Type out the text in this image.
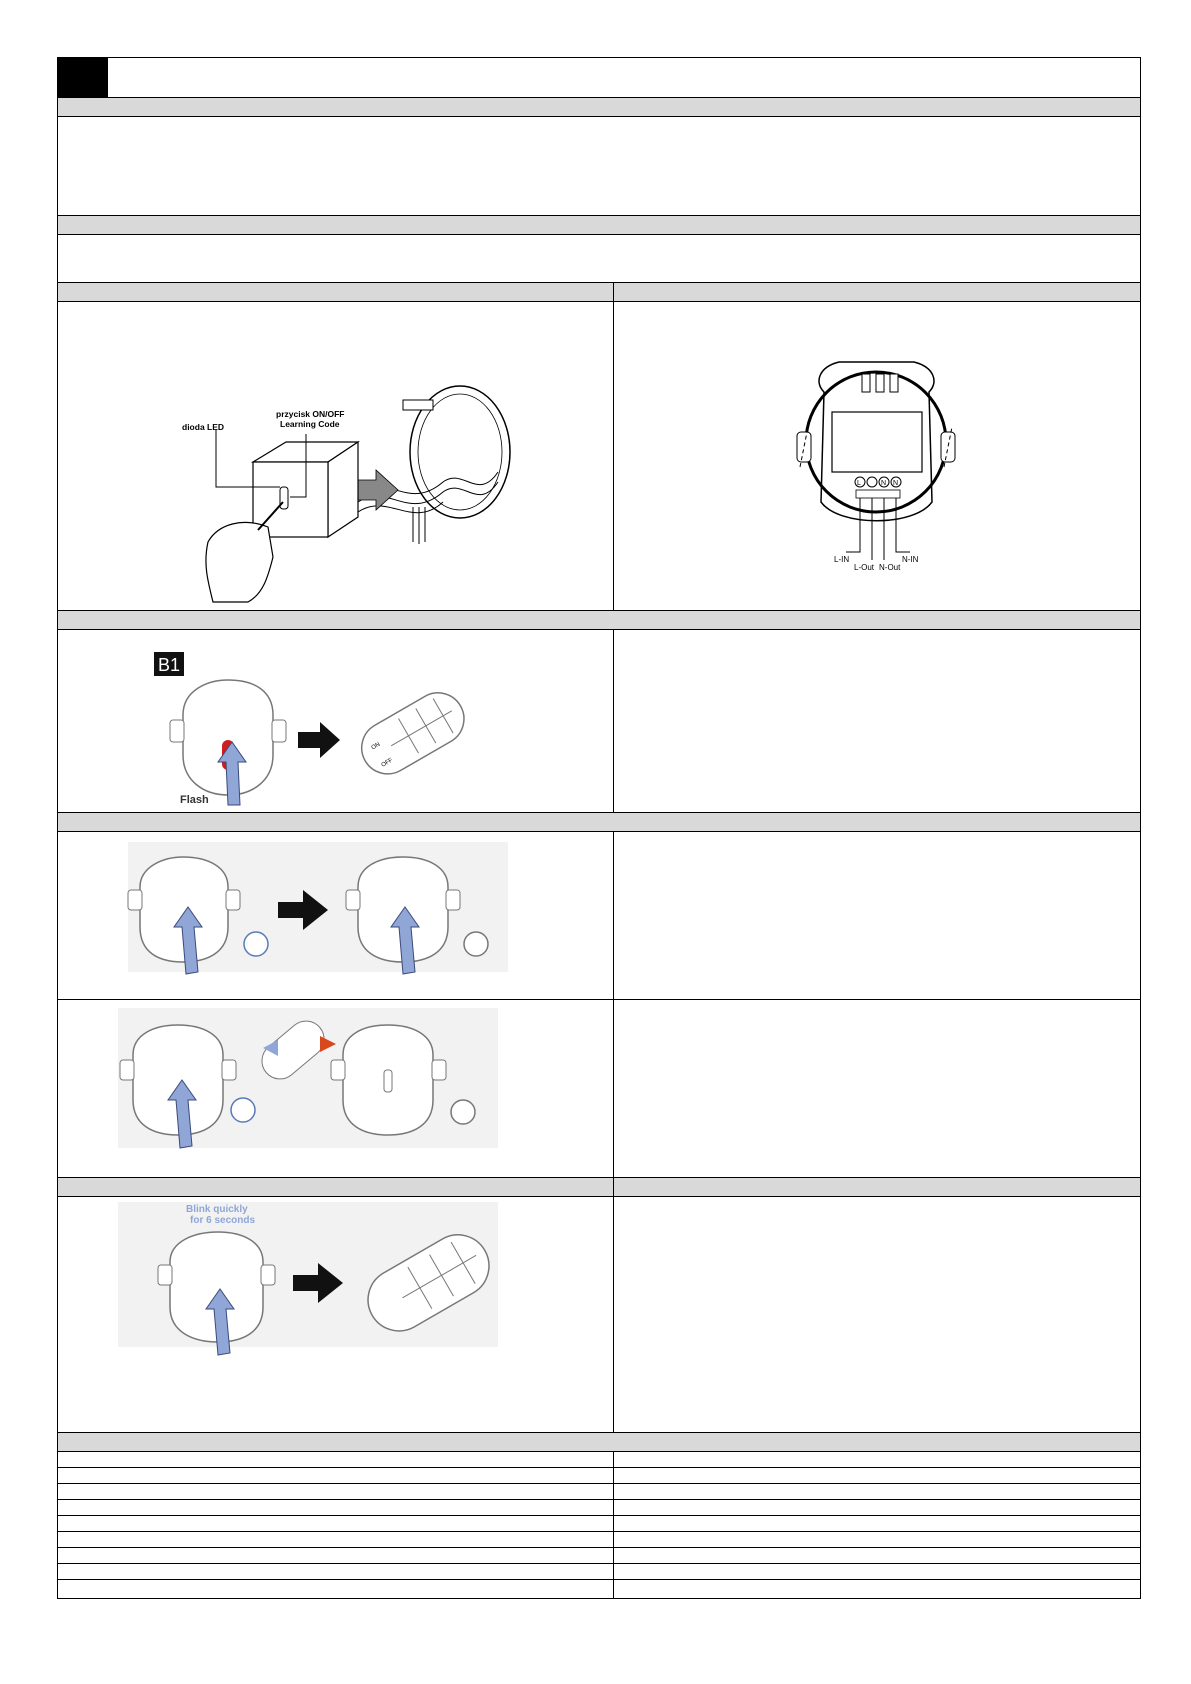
dioda LED
przycisk ON/OFF
Learning Code
L	N N
L-IN
L-Out N-Out
N-IN
B1
Flash
ON
OFF
Blink quickly
for 6 seconds
